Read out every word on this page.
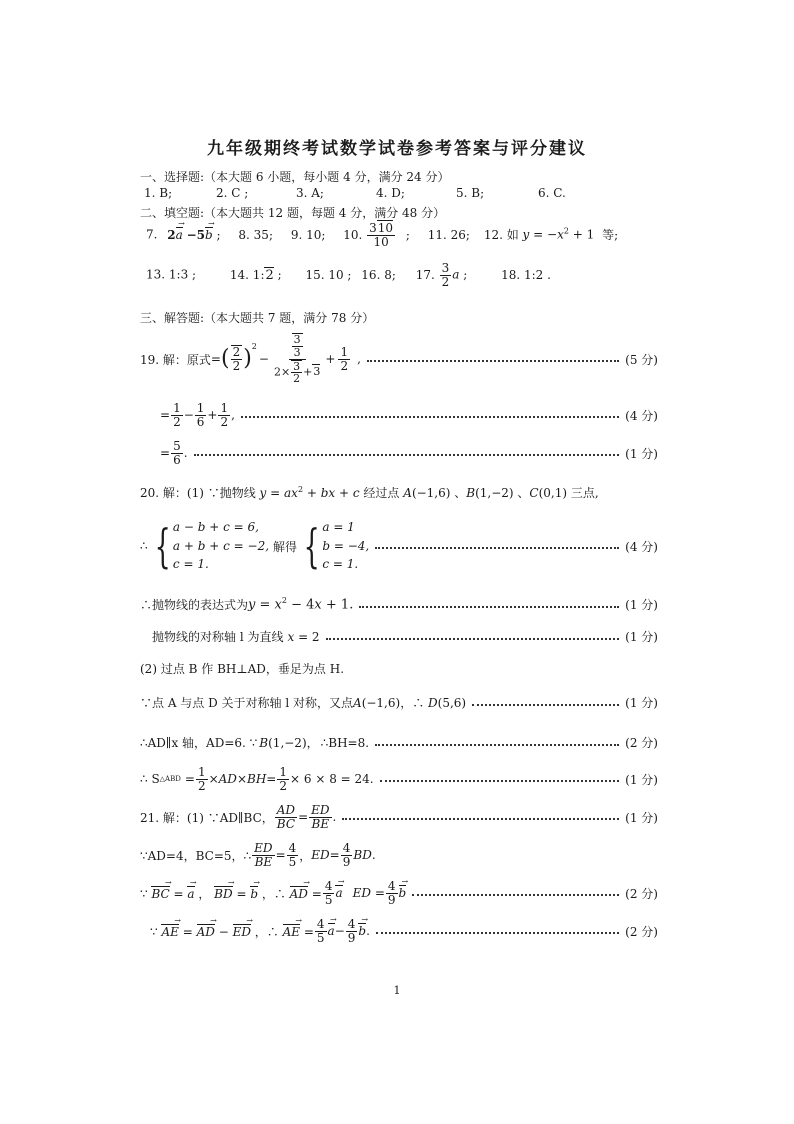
九年级期终考试数学试卷参考答案与评分建议
一、选择题:（本大题 6 小题，每小题 4 分，满分 24 分）
1. B;	2. C ;	3. A;	4. D;	5. B;	6. C.
二、填空题:（本大题共 12 题，每题 4 分，满分 48 分）
7. 2a → −5b → ; 8. 35; 9. 10; 10. $\frac{310}{10}$ ; 11. 26; 12. 如 $y = -x^2 + 1$ 等;
13. 1:3 ;	14. 1:2 ; 15. 10 ; 16. 8; 17. $\frac{3}{2}$ a ;	18. 1:2 .
三、解答题:（本大题共 7 题，满分 78 分）
19. 解：原式 = ( $\frac{2}{2} )^2$
− $\frac{\frac{3}{3}}{2\times \frac{3}{2} +3} + \frac{1}{2}$ ,	(5 分)
= $\frac{1}{2} - \frac{1}{6} + \frac{1}{2}$ ,	(4 分)
= $\frac{5}{6}$ .	(1 分)
20. 解：(1) ∵抛物线 $y = ax^2$ + bx + c 经过点 A(−1,6) 、B(1,−2) 、C(0,1) 三点,
∴ { a − b + c = 6,
a + b + c = −2,
c = 1.
解得 { a = 1
b = −4,
c = 1.
(4 分)
∴抛物线的表达式为 $y = x^2 - 4x + 1$.	(1 分)
抛物线的对称轴 l 为直线 x = 2	(1 分)
(2) 过点 B 作 BH⊥AD，垂足为点 H.
∵点 A 与点 D 关于对称轴 l 对称，又点 A(−1,6)，∴ D(5,6)	(1 分)
∴AD∥x 轴，AD=6. ∵ B(1,−2)， ∴BH=8.	(2 分)
∴ S △ABD = $\frac{1}{2}$ × AD × BH = $\frac{1}{2} \times 6 \times 8 = 24$.	(1 分)
21. 解：(1) ∵AD∥BC， $\frac{AD}{BC} = \frac{ED}{BE}$ .	(1 分)
∵AD=4，BC=5，∴ $\frac{ED}{BE} = \frac{4}{5}$ ， ED = $\frac{4}{9}$ BD .
∵ BC → = a → ， BD → = b → ，∴ AD → = $\frac{4}{5}$ a → ED = $\frac{4}{9}$ b →	(2 分)
∵ AE → = AD → − ED → ，∴ AE → = $\frac{4}{5}$ a → − $\frac{4}{9}$ b → .	(2 分)
1
